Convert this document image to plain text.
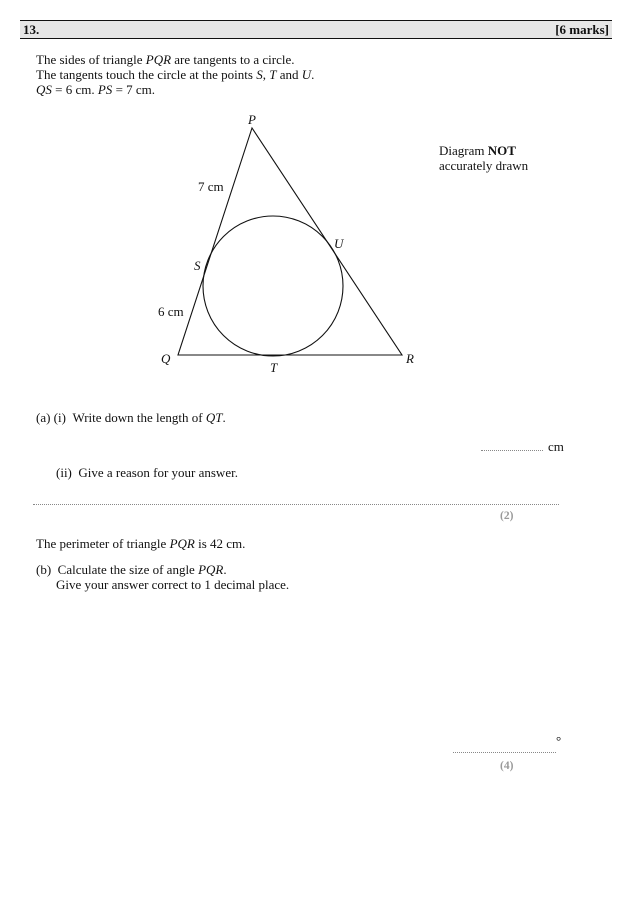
13.	[6 marks]
The sides of triangle PQR are tangents to a circle.
The tangents touch the circle at the points S, T and U.
QS = 6 cm. PS = 7 cm.
P
Q	R
S
T
U
7 cm
6 cm
Diagram NOT
accurately drawn
(a) (i) Write down the length of QT.
cm
(ii) Give a reason for your answer.
(2)
The perimeter of triangle PQR is 42 cm.
(b) Calculate the size of angle PQR.
Give your answer correct to 1 decimal place.
°
(4)
